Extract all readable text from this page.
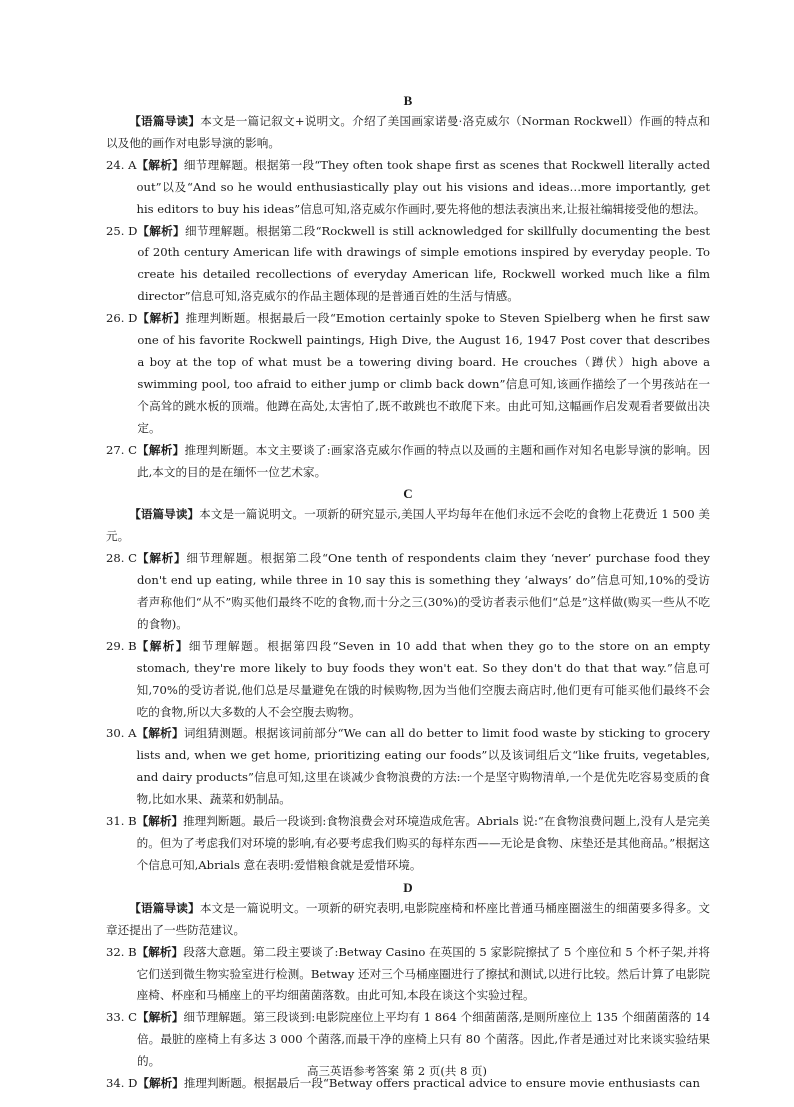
B
【语篇导读】本文是一篇记叙文+说明文。介绍了美国画家诺曼·洛克威尔（Norman Rockwell）作画的特点和以及他的画作对电影导演的影响。
24. A 【解析】细节理解题。根据第一段“They often took shape first as scenes that Rockwell literally acted out”以及“And so he would enthusiastically play out his visions and ideas…more importantly, get his editors to buy his ideas”信息可知,洛克威尔作画时,要先将他的想法表演出来,让报社编辑接受他的想法。
25. D 【解析】细节理解题。根据第二段“Rockwell is still acknowledged for skillfully documenting the best of 20th century American life with drawings of simple emotions inspired by everyday people. To create his detailed recollections of everyday American life, Rockwell worked much like a film director”信息可知,洛克威尔的作品主题体现的是普通百姓的生活与情感。
26. D 【解析】推理判断题。根据最后一段“Emotion certainly spoke to Steven Spielberg when he first saw one of his favorite Rockwell paintings, High Dive, the August 16, 1947 Post cover that describes a boy at the top of what must be a towering diving board. He crouches（蹲伏）high above a swimming pool, too afraid to either jump or climb back down”信息可知,该画作描绘了一个男孩站在一个高耸的跳水板的顶端。他蹲在高处,太害怕了,既不敢跳也不敢爬下来。由此可知,这幅画作启发观看者要做出决定。
27. C 【解析】推理判断题。本文主要谈了:画家洛克威尔作画的特点以及画的主题和画作对知名电影导演的影响。因此,本文的目的是在缅怀一位艺术家。
C
【语篇导读】本文是一篇说明文。一项新的研究显示,美国人平均每年在他们永远不会吃的食物上花费近 1 500 美元。
28. C 【解析】细节理解题。根据第二段“One tenth of respondents claim they ‘never’ purchase food they don't end up eating, while three in 10 say this is something they ‘always’ do”信息可知,10%的受访者声称他们“从不”购买他们最终不吃的食物,而十分之三(30%)的受访者表示他们“总是”这样做(购买一些从不吃的食物)。
29. B 【解析】细节理解题。根据第四段“Seven in 10 add that when they go to the store on an empty stomach, they're more likely to buy foods they won't eat. So they don't do that that way.”信息可知,70%的受访者说,他们总是尽量避免在饿的时候购物,因为当他们空腹去商店时,他们更有可能买他们最终不会吃的食物,所以大多数的人不会空腹去购物。
30. A 【解析】词组猜测题。根据该词前部分“We can all do better to limit food waste by sticking to grocery lists and, when we get home, prioritizing eating our foods”以及该词组后文“like fruits, vegetables, and dairy products”信息可知,这里在谈减少食物浪费的方法:一个是坚守购物清单,一个是优先吃容易变质的食物,比如水果、蔬菜和奶制品。
31. B 【解析】推理判断题。最后一段谈到:食物浪费会对环境造成危害。Abrials 说:“在食物浪费问题上,没有人是完美的。但为了考虑我们对环境的影响,有必要考虑我们购买的每样东西——无论是食物、床垫还是其他商品。”根据这个信息可知,Abrials 意在表明:爱惜粮食就是爱惜环境。
D
【语篇导读】本文是一篇说明文。一项新的研究表明,电影院座椅和杯座比普通马桶座圈滋生的细菌要多得多。文章还提出了一些防范建议。
32. B 【解析】段落大意题。第二段主要谈了:Betway Casino 在英国的 5 家影院擦拭了 5 个座位和 5 个杯子架,并将它们送到微生物实验室进行检测。Betway 还对三个马桶座圈进行了擦拭和测试,以进行比较。然后计算了电影院座椅、杯座和马桶座上的平均细菌菌落数。由此可知,本段在谈这个实验过程。
33. C 【解析】细节理解题。第三段谈到:电影院座位上平均有 1 864 个细菌菌落,是厕所座位上 135 个细菌菌落的 14 倍。最脏的座椅上有多达 3 000 个菌落,而最干净的座椅上只有 80 个菌落。因此,作者是通过对比来谈实验结果的。
34. D 【解析】推理判断题。根据最后一段“Betway offers practical advice to ensure movie enthusiasts can
高三英语参考答案 第 2 页(共 8 页)
